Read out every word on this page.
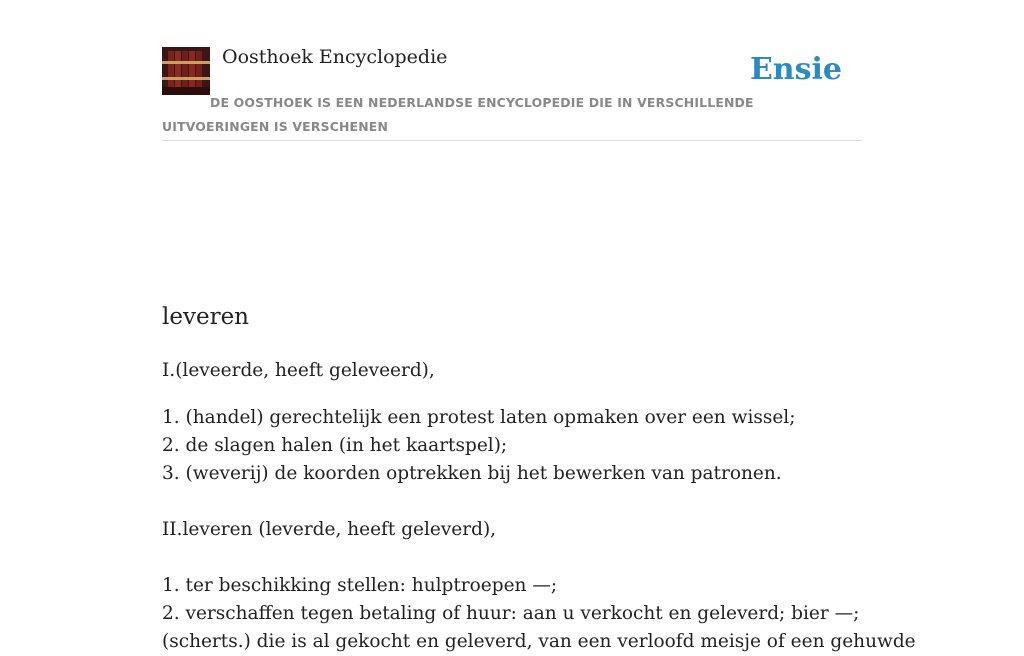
Oosthoek Encyclopedie	Ensie
DE OOSTHOEK IS EEN NEDERLANDSE ENCYCLOPEDIE DIE IN VERSCHILLENDE UITVOERINGEN IS VERSCHENEN
leveren
I.(leveerde, heeft geleveerd),
1. (handel) gerechtelijk een protest laten opmaken over een wissel;
2. de slagen halen (in het kaartspel);
3. (weverij) de koorden optrekken bij het bewerken van patronen.
II.leveren (leverde, heeft geleverd),
1. ter beschikking stellen: hulptroepen —;
2. verschaffen tegen betaling of huur: aan u verkocht en geleverd; bier —;
(scherts.) die is al gekocht en geleverd, van een verloofd meisje of een gehuwde
